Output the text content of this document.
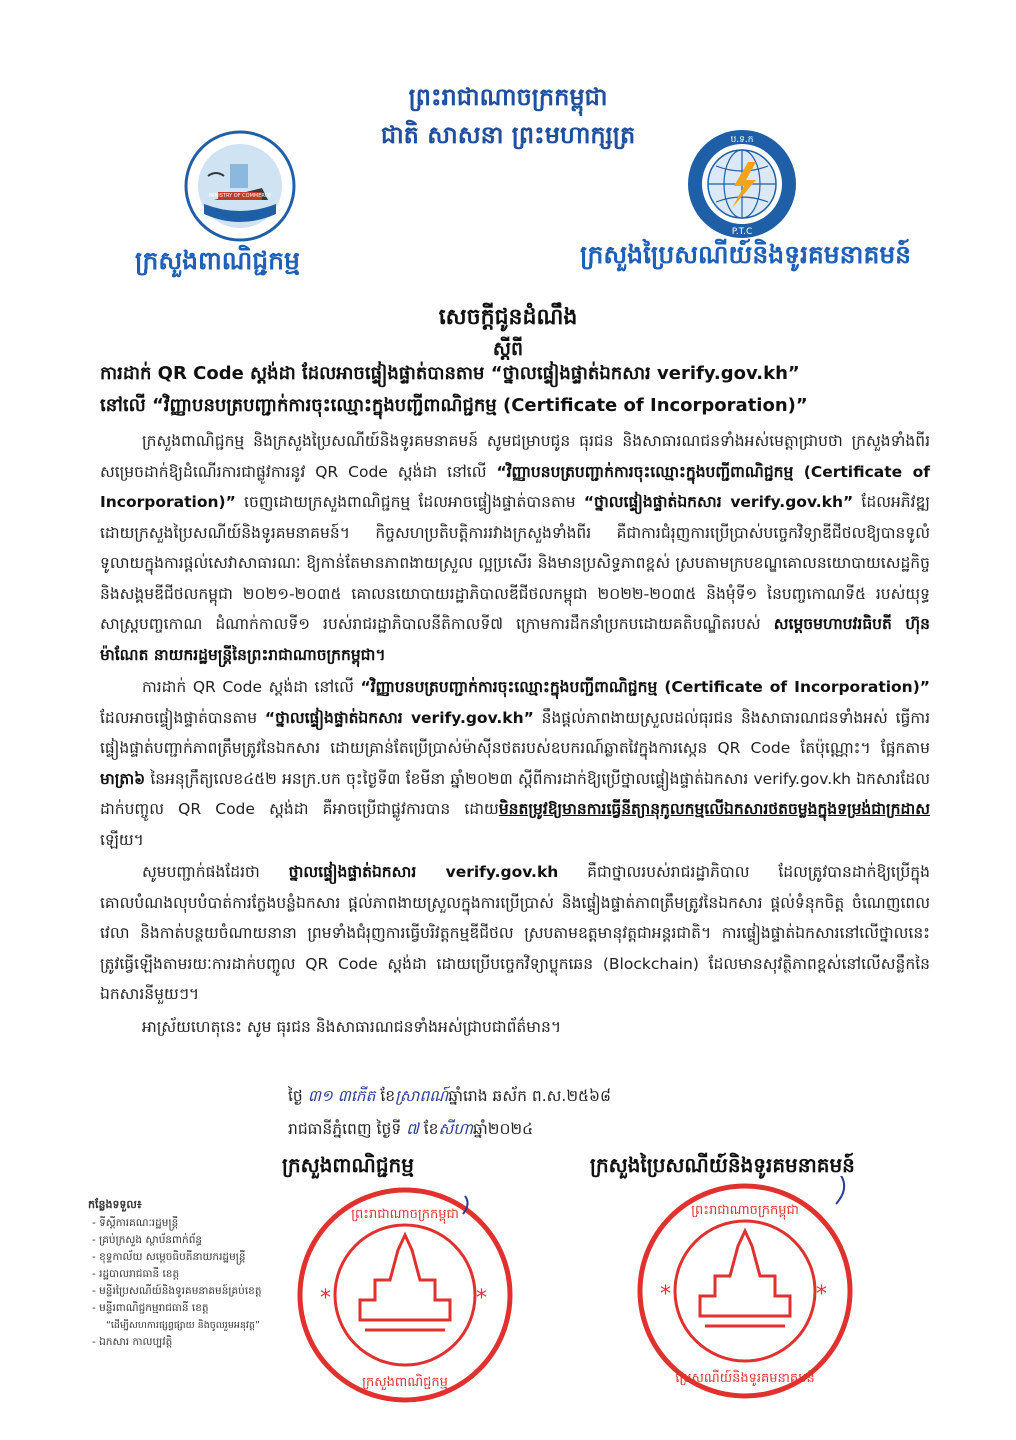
ព្រះរាជាណាចក្រកម្ពុជា
ជាតិ សាសនា ព្រះមហាក្សត្រ
MINISTRY OF COMMERCE
ប.ទ.ក
P.T.C
ក្រសួងពាណិជ្ជកម្ម	ក្រសួងប្រៃសណីយ៍និងទូរគមនាគមន៍
សេចក្តីជូនដំណឹង
ស្តីពី
ការដាក់ QR Code ស្តង់ដា ដែលអាចផ្ទៀងផ្ទាត់បានតាម “ថ្នាលផ្ទៀងផ្ទាត់ឯកសារ verify.gov.kh”
នៅលើ “វិញ្ញាបនបត្របញ្ជាក់ការចុះឈ្មោះក្នុងបញ្ជីពាណិជ្ជកម្ម (Certificate of Incorporation)”

ក្រសួងពាណិជ្ជកម្ម និងក្រសួងប្រៃសណីយ៍និងទូរគមនាគមន៍ សូមជម្រាបជូន ធុរជន និងសាធារណជនទាំងអស់មេត្តាជ្រាបថា ក្រសួងទាំងពីរសម្រេចដាក់ឱ្យដំណើរការជាផ្លូវការនូវ QR Code ស្តង់ដា នៅលើ “វិញ្ញាបនបត្របញ្ជាក់ការចុះឈ្មោះក្នុងបញ្ជីពាណិជ្ជកម្ម (Certificate of Incorporation)” ចេញដោយក្រសួងពាណិជ្ជកម្ម ដែលអាចផ្ទៀងផ្ទាត់បានតាម “ថ្នាលផ្ទៀងផ្ទាត់ឯកសារ verify.gov.kh” ដែលអភិវឌ្ឍដោយក្រសួងប្រៃសណីយ៍និងទូរគមនាគមន៍។ កិច្ចសហប្រតិបត្តិការរវាងក្រសួងទាំងពីរ គឺជាការជំរុញការប្រើប្រាស់បច្ចេកវិទ្យាឌីជីថលឱ្យបានទូលំទូលាយក្នុងការផ្តល់សេវាសាធារណៈ ឱ្យកាន់តែមានភាពងាយស្រួល ល្អប្រសើរ និងមានប្រសិទ្ធភាពខ្ពស់ ស្របតាមក្របខណ្ឌគោលនយោបាយសេដ្ឋកិច្ចនិងសង្គមឌីជីថលកម្ពុជា ២០២១-២០៣៥ គោលនយោបាយរដ្ឋាភិបាលឌីជីថលកម្ពុជា ២០២២-២០៣៥ និងមុំទី១ នៃបញ្ចកោណទី៥ របស់យុទ្ធសាស្ត្របញ្ចកោណ ដំណាក់កាលទី១ របស់រាជរដ្ឋាភិបាលនីតិកាលទី៧ ក្រោមការដឹកនាំប្រកបដោយគតិបណ្ឌិតរបស់ សម្តេចមហាបវរធិបតី ហ៊ុន ម៉ាណែត នាយករដ្ឋមន្ត្រីនៃព្រះរាជាណាចក្រកម្ពុជា។

ការដាក់ QR Code ស្តង់ដា នៅលើ “វិញ្ញាបនបត្របញ្ជាក់ការចុះឈ្មោះក្នុងបញ្ជីពាណិជ្ជកម្ម (Certificate of Incorporation)” ដែលអាចផ្ទៀងផ្ទាត់បានតាម “ថ្នាលផ្ទៀងផ្ទាត់ឯកសារ verify.gov.kh” នឹងផ្តល់ភាពងាយស្រួលដល់ធុរជន និងសាធារណជនទាំងអស់ ធ្វើការផ្ទៀងផ្ទាត់បញ្ជាក់ភាពត្រឹមត្រូវនៃឯកសារ ដោយគ្រាន់តែប្រើប្រាស់ម៉ាស៊ីនថតរបស់ឧបករណ៍ឆ្លាតវៃក្នុងការស្កេន QR Code តែប៉ុណ្ណោះ។ ផ្អែកតាម មាត្រា៦ នៃអនុក្រឹត្យលេខ៤៥២ អនក្រ.បក ចុះថ្ងៃទី៣ ខែមីនា ឆ្នាំ២០២៣ ស្តីពីការដាក់ឱ្យប្រើថ្នាលផ្ទៀងផ្ទាត់ឯកសារ verify.gov.kh ឯកសារដែលដាក់បញ្ចូល QR Code ស្តង់ដា គឺអាចប្រើជាផ្លូវការបាន ដោយមិនតម្រូវឱ្យមានការធ្វើនីត្យានុកូលកម្មលើឯកសារថតចម្លងក្នុងទម្រង់ជាក្រដាស ឡើយ។

សូមបញ្ជាក់ផងដែរថា ថ្នាលផ្ទៀងផ្ទាត់ឯកសារ verify.gov.kh គឺជាថ្នាលរបស់រាជរដ្ឋាភិបាល ដែលត្រូវបានដាក់ឱ្យប្រើក្នុងគោលបំណងលុបបំបាត់ការក្លែងបន្លំឯកសារ ផ្តល់ភាពងាយស្រួលក្នុងការប្រើប្រាស់ និងផ្ទៀងផ្ទាត់ភាពត្រឹមត្រូវនៃឯកសារ ផ្តល់ទំនុកចិត្ត ចំណេញពេលវេលា និងកាត់បន្ថយចំណាយនានា ព្រមទាំងជំរុញការធ្វើបរិវត្តកម្មឌីជីថល ស្របតាមឧត្តមានុវត្តជាអន្តរជាតិ។ ការផ្ទៀងផ្ទាត់ឯកសារនៅលើថ្នាលនេះ ត្រូវធ្វើឡើងតាមរយៈការដាក់បញ្ចូល QR Code ស្តង់ដា ដោយប្រើបច្ចេកវិទ្យាប្លុកឆេន (Blockchain) ដែលមានសុវត្ថិភាពខ្ពស់នៅលើសន្លឹកនៃឯកសារនីមួយៗ។

អាស្រ័យហេតុនេះ សូម ធុរជន និងសាធារណជនទាំងអស់ជ្រាបជាព័ត៌មាន។

ថ្ងៃ ៣១ ៣កើត ខែស្រាពណ៍ឆ្នាំរោង ឆស័ក ព.ស.២៥៦៨
រាជធានីភ្នំពេញ ថ្ងៃទី ៧ ខែសីហាឆ្នាំ២០២៤
ក្រសួងពាណិជ្ជកម្ម	ក្រសួងប្រៃសណីយ៍និងទូរគមនាគមន៍
*	*
ព្រះរាជាណាចក្រកម្ពុជា
ក្រសួងពាណិជ្ជកម្ម
*	*
ព្រះរាជាណាចក្រកម្ពុជា
ប្រៃសណីយ៍និងទូរគមនាគមន៍
កន្លែងទទួល៖
- ទីស្តីការគណៈរដ្ឋមន្ត្រី
- គ្រប់ក្រសួង ស្ថាប័នពាក់ព័ន្ធ
- ខុទ្ទកាល័យ សម្តេចធិបតីនាយករដ្ឋមន្ត្រី
- រដ្ឋបាលរាជធានី ខេត្ត
- មន្ទីរប្រៃសណីយ៍និងទូរគមនាគមន៍គ្រប់ខេត្ត
- មន្ទីរពាណិជ្ជកម្មរាជធានី ខេត្ត
“ដើម្បីសហការផ្សព្វផ្សាយ និងចូលរួមអនុវត្ត”
- ឯកសារ កាលប្បវត្តិ
